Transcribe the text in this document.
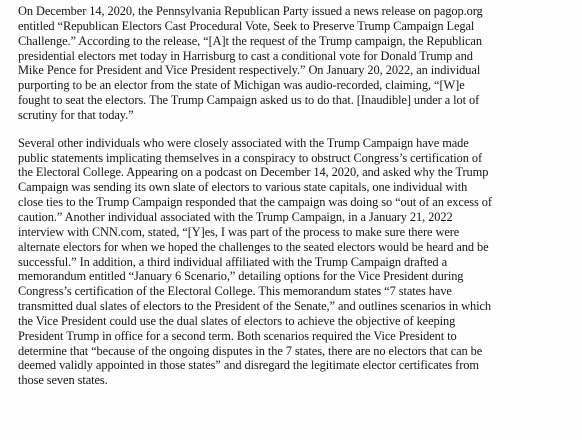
On December 14, 2020, the Pennsylvania Republican Party issued a news release on pagop.org
entitled “Republican Electors Cast Procedural Vote, Seek to Preserve Trump Campaign Legal
Challenge.” According to the release, “[A]t the request of the Trump campaign, the Republican
presidential electors met today in Harrisburg to cast a conditional vote for Donald Trump and
Mike Pence for President and Vice President respectively.” On January 20, 2022, an individual
purporting to be an elector from the state of Michigan was audio-recorded, claiming, “[W]e
fought to seat the electors. The Trump Campaign asked us to do that. [Inaudible] under a lot of
scrutiny for that today.”

Several other individuals who were closely associated with the Trump Campaign have made
public statements implicating themselves in a conspiracy to obstruct Congress’s certification of
the Electoral College. Appearing on a podcast on December 14, 2020, and asked why the Trump
Campaign was sending its own slate of electors to various state capitals, one individual with
close ties to the Trump Campaign responded that the campaign was doing so “out of an excess of
caution.” Another individual associated with the Trump Campaign, in a January 21, 2022
interview with CNN.com, stated, “[Y]es, I was part of the process to make sure there were
alternate electors for when we hoped the challenges to the seated electors would be heard and be
successful.” In addition, a third individual affiliated with the Trump Campaign drafted a
memorandum entitled “January 6 Scenario,” detailing options for the Vice President during
Congress’s certification of the Electoral College. This memorandum states “7 states have
transmitted dual slates of electors to the President of the Senate,” and outlines scenarios in which
the Vice President could use the dual slates of electors to achieve the objective of keeping
President Trump in office for a second term. Both scenarios required the Vice President to
determine that “because of the ongoing disputes in the 7 states, there are no electors that can be
deemed validly appointed in those states” and disregard the legitimate elector certificates from
those seven states.
